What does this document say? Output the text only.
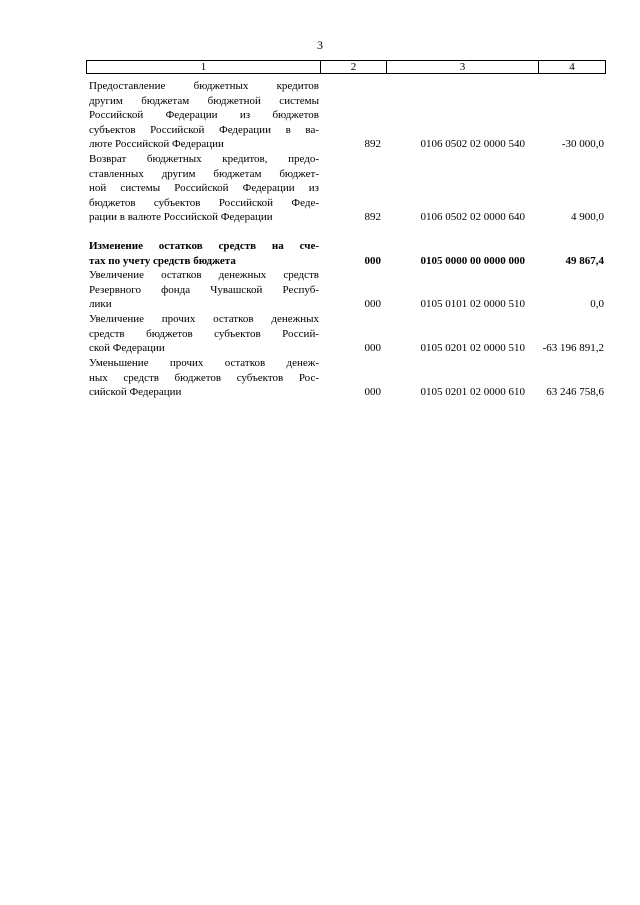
3
1	2	3	4
Предоставление бюджетных кредитов
другим бюджетам бюджетной системы
Российской Федерации из бюджетов
субъектов Российской Федерации в ва-
люте Российской Федерации	892	0106 0502 02 0000 540	-30 000,0
Возврат бюджетных кредитов, предо-
ставленных другим бюджетам бюджет-
ной системы Российской Федерации из
бюджетов субъектов Российской Феде-
рации в валюте Российской Федерации	892	0106 0502 02 0000 640	4 900,0
Изменение остатков средств на сче-
тах по учету средств бюджета	000	0105 0000 00 0000 000	49 867,4
Увеличение остатков денежных средств
Резервного фонда Чувашской Респуб-
лики	000	0105 0101 02 0000 510	0,0
Увеличение прочих остатков денежных
средств бюджетов субъектов Россий-
ской Федерации	000	0105 0201 02 0000 510	-63 196 891,2
Уменьшение прочих остатков денеж-
ных средств бюджетов субъектов Рос-
сийской Федерации	000	0105 0201 02 0000 610	63 246 758,6
